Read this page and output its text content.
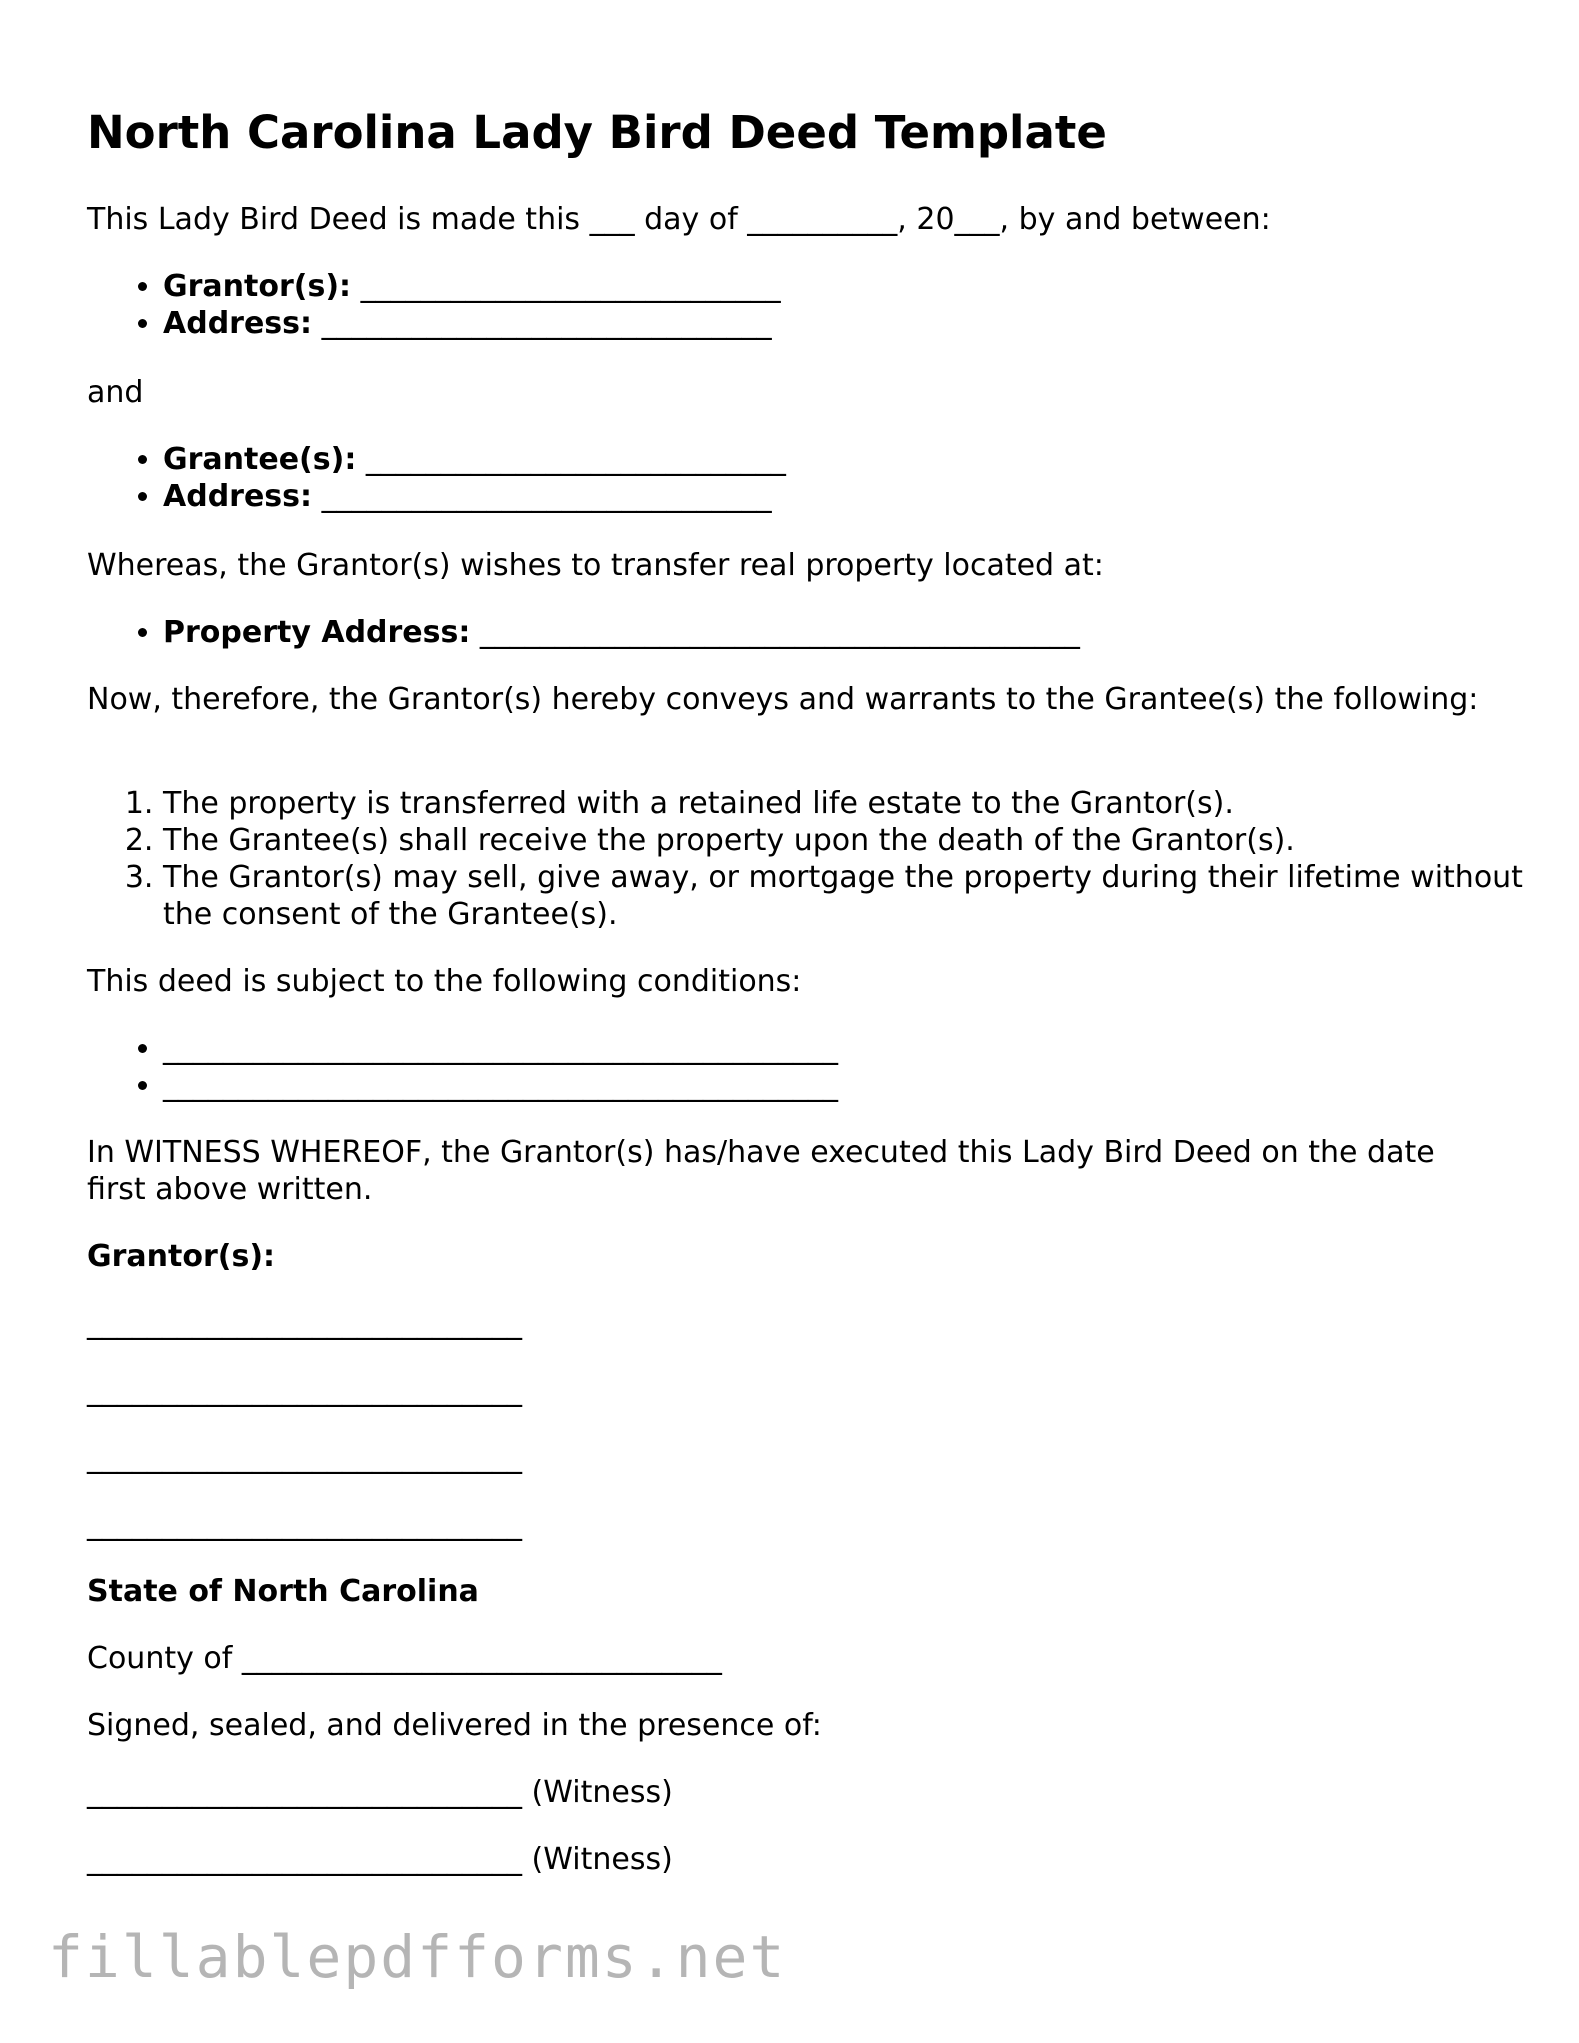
North Carolina Lady Bird Deed Template

This Lady Bird Deed is made this ___ day of __________, 20___, by and between:

• Grantor(s): ____________________________
• Address: ______________________________

and

• Grantee(s): ____________________________
• Address: ______________________________

Whereas, the Grantor(s) wishes to transfer real property located at:

• Property Address: ________________________________________

Now, therefore, the Grantor(s) hereby conveys and warrants to the Grantee(s) the following:

1. The property is transferred with a retained life estate to the Grantor(s).
2. The Grantee(s) shall receive the property upon the death of the Grantor(s).
3. The Grantor(s) may sell, give away, or mortgage the property during their lifetime without the consent of the Grantee(s).

This deed is subject to the following conditions:

• _____________________________________________
• _____________________________________________

In WITNESS WHEREOF, the Grantor(s) has/have executed this Lady Bird Deed on the date first above written.

Grantor(s):

_____________________________
_____________________________
_____________________________
_____________________________

State of North Carolina

County of ________________________________

Signed, sealed, and delivered in the presence of:

_____________________________ (Witness)
_____________________________ (Witness)
fillablepdfforms.net
